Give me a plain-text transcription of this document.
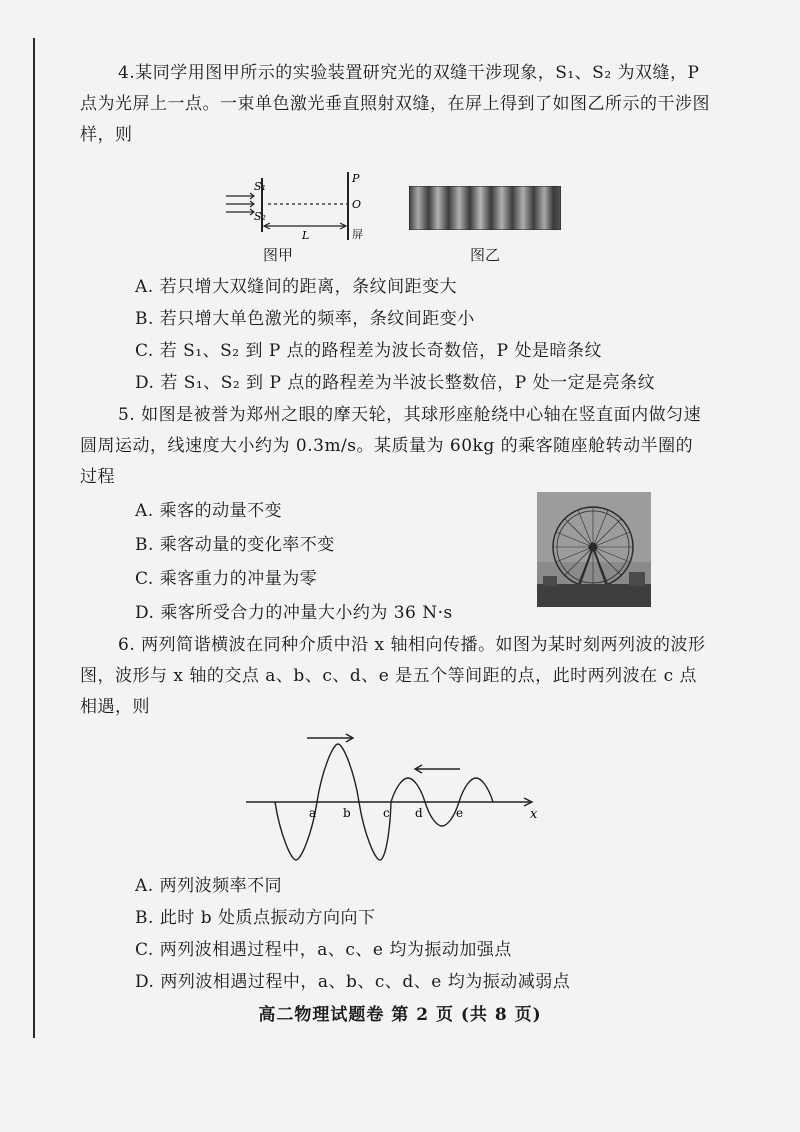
4.某同学用图甲所示的实验装置研究光的双缝干涉现象，S₁、S₂ 为双缝，P 点为光屏上一点。一束单色激光垂直照射双缝，在屏上得到了如图乙所示的干涉图样，则
S₁
S₂
P
O
L	屏
图甲	图乙
A. 若只增大双缝间的距离，条纹间距变大
B. 若只增大单色激光的频率，条纹间距变小
C. 若 S₁、S₂ 到 P 点的路程差为波长奇数倍，P 处是暗条纹
D. 若 S₁、S₂ 到 P 点的路程差为半波长整数倍，P 处一定是亮条纹
5. 如图是被誉为郑州之眼的摩天轮，其球形座舱绕中心轴在竖直面内做匀速圆周运动，线速度大小约为 0.3m/s。某质量为 60kg 的乘客随座舱转动半圈的过程
A. 乘客的动量不变
B. 乘客动量的变化率不变
C. 乘客重力的冲量为零
D. 乘客所受合力的冲量大小约为 36 N·s
6. 两列简谐横波在同种介质中沿 x 轴相向传播。如图为某时刻两列波的波形图，波形与 x 轴的交点 a、b、c、d、e 是五个等间距的点，此时两列波在 c 点相遇，则
a b	c d	e	x
A. 两列波频率不同
B. 此时 b 处质点振动方向向下
C. 两列波相遇过程中，a、c、e 均为振动加强点
D. 两列波相遇过程中，a、b、c、d、e 均为振动减弱点
高二物理试题卷 第 2 页 (共 8 页)
